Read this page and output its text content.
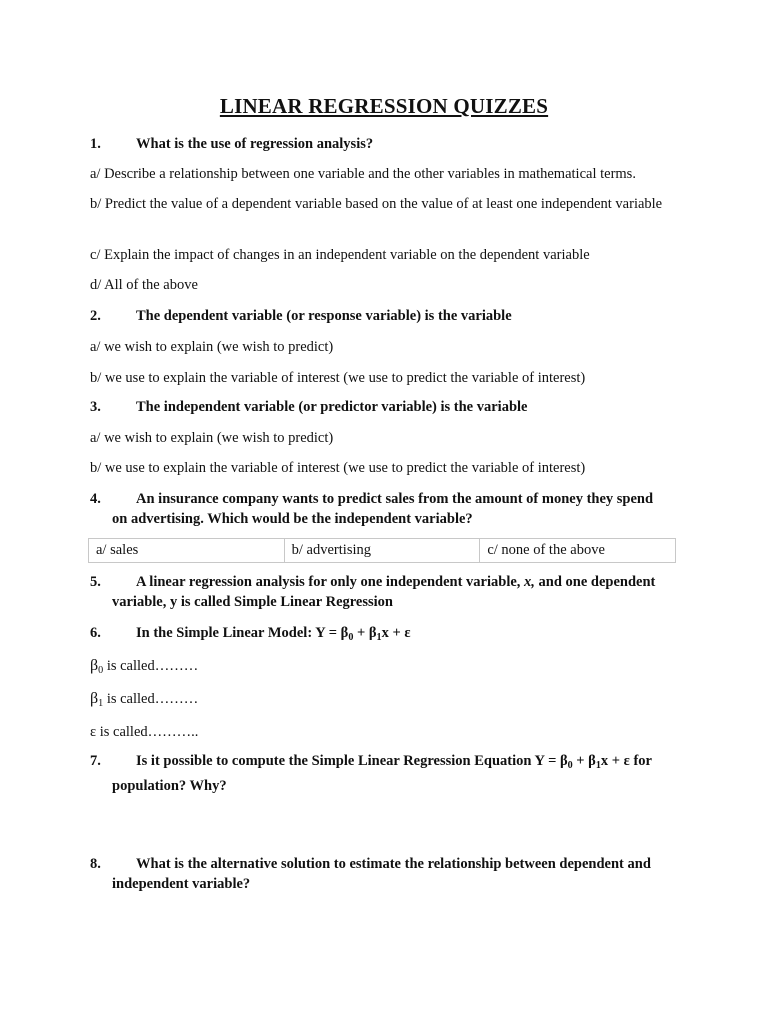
LINEAR REGRESSION QUIZZES
1. What is the use of regression analysis?
a/ Describe a relationship between one variable and the other variables in mathematical terms.
b/ Predict the value of a dependent variable based on the value of at least one independent variable
c/ Explain the impact of changes in an independent variable on the dependent variable
d/ All of the above
2. The dependent variable (or response variable) is the variable
a/ we wish to explain (we wish to predict)
b/ we use to explain the variable of interest (we use to predict the variable of interest)
3. The independent variable (or predictor variable) is the variable
a/ we wish to explain (we wish to predict)
b/ we use to explain the variable of interest (we use to predict the variable of interest)
4. An insurance company wants to predict sales from the amount of money they spend
on advertising. Which would be the independent variable?
a/ sales	b/ advertising	c/ none of the above
5. A linear regression analysis for only one independent variable, x, and one dependent
variable, y is called Simple Linear Regression
6. In the Simple Linear Model: $Y = \beta_0 + \beta_1x + \varepsilon$
$\beta_0$ is called………
$\beta_1$ is called………
ε is called………..
7. Is it possible to compute the Simple Linear Regression Equation $Y = \beta_0 + \beta_1x + \varepsilon$ for
population? Why?
8. What is the alternative solution to estimate the relationship between dependent and
independent variable?
